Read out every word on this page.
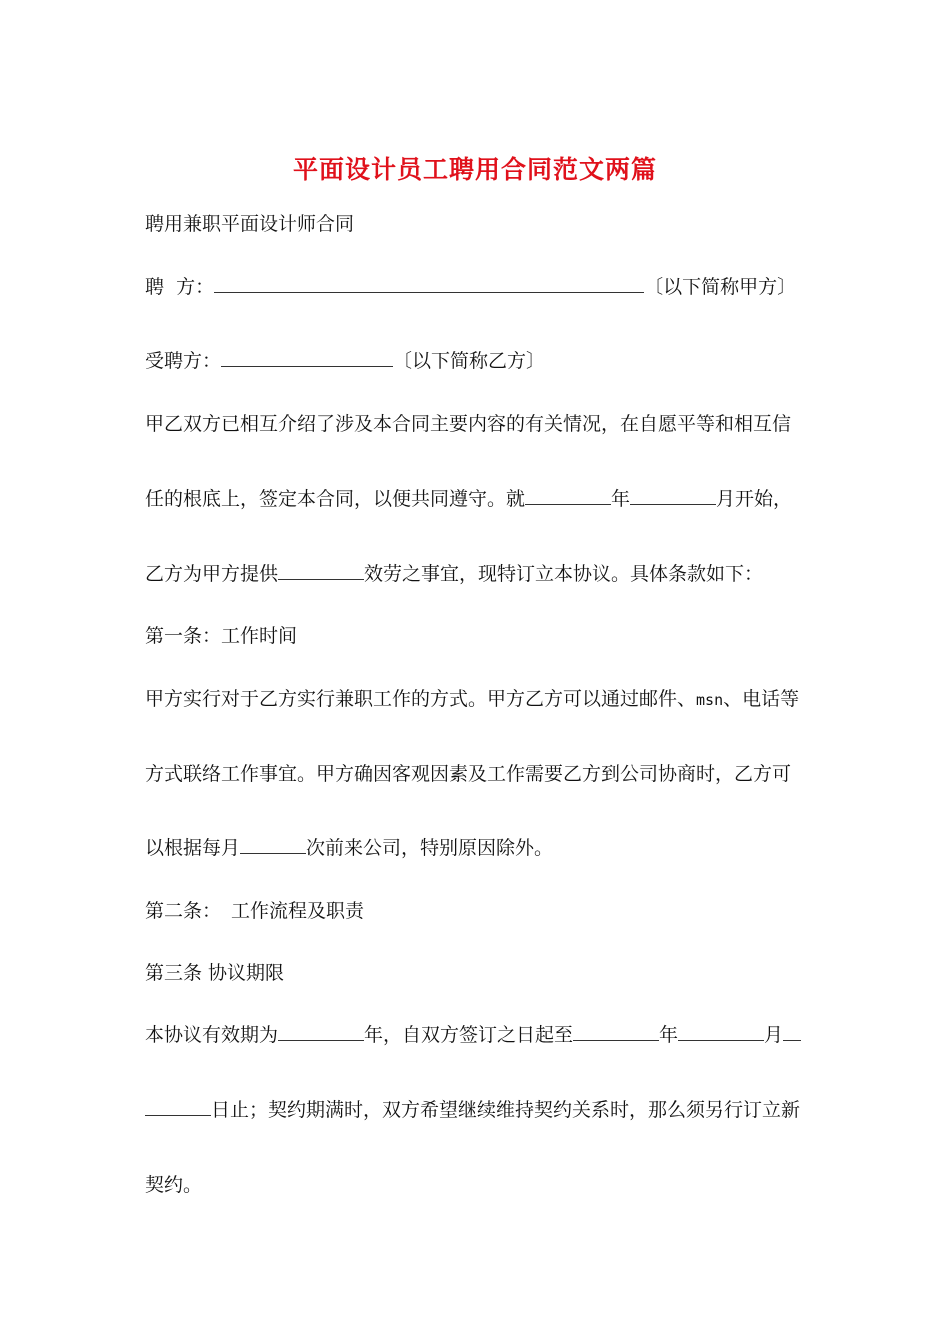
平面设计员工聘用合同范文两篇
聘用兼职平面设计师合同
聘  方：	〔以下简称甲方〕
受聘方：	〔以下简称乙方〕
甲乙双方已相互介绍了涉及本合同主要内容的有关情况，在自愿平等和相互信
任的根底上，签定本合同，以便共同遵守。就	年	月开始，
乙方为甲方提供	效劳之事宜，现特订立本协议。具体条款如下：
第一条：工作时间
甲方实行对于乙方实行兼职工作的方式。甲方乙方可以通过邮件、msn、电话等
方式联络工作事宜。甲方确因客观因素及工作需要乙方到公司协商时，乙方可
以根据每月	次前来公司，特别原因除外。
第二条： 工作流程及职责
第三条 协议期限
本协议有效期为	年，自双方签订之日起至	年	月
日止；契约期满时，双方希望继续维持契约关系时，那么须另行订立新
契约。
